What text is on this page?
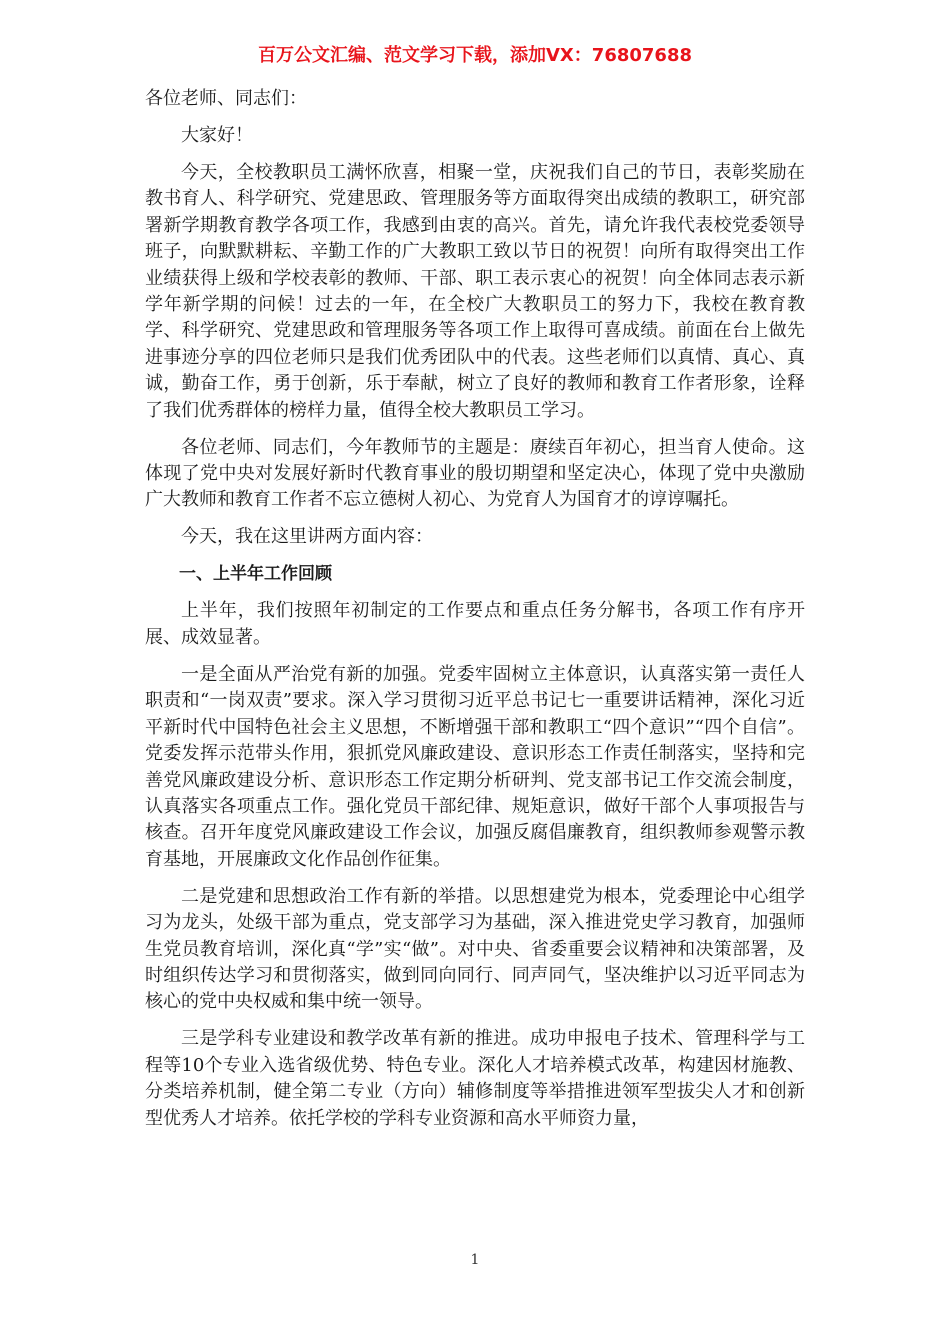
百万公文汇编、范文学习下载，添加VX：76807688

各位老师、同志们：

大家好！

今天，全校教职员工满怀欣喜，相聚一堂，庆祝我们自己的节日，表彰奖励在教书育人、科学研究、党建思政、管理服务等方面取得突出成绩的教职工，研究部署新学期教育教学各项工作，我感到由衷的高兴。首先，请允许我代表校党委领导班子，向默默耕耘、辛勤工作的广大教职工致以节日的祝贺！向所有取得突出工作业绩获得上级和学校表彰的教师、干部、职工表示衷心的祝贺！向全体同志表示新学年新学期的问候！过去的一年，在全校广大教职员工的努力下，我校在教育教学、科学研究、党建思政和管理服务等各项工作上取得可喜成绩。前面在台上做先进事迹分享的四位老师只是我们优秀团队中的代表。这些老师们以真情、真心、真诚，勤奋工作，勇于创新，乐于奉献，树立了良好的教师和教育工作者形象，诠释了我们优秀群体的榜样力量，值得全校大教职员工学习。

各位老师、同志们，今年教师节的主题是：赓续百年初心，担当育人使命。这体现了党中央对发展好新时代教育事业的殷切期望和坚定决心，体现了党中央激励广大教师和教育工作者不忘立德树人初心、为党育人为国育才的谆谆嘱托。

今天，我在这里讲两方面内容：

一、上半年工作回顾

上半年，我们按照年初制定的工作要点和重点任务分解书，各项工作有序开展、成效显著。

一是全面从严治党有新的加强。党委牢固树立主体意识，认真落实第一责任人职责和“一岗双责”要求。深入学习贯彻习近平总书记七一重要讲话精神，深化习近平新时代中国特色社会主义思想，不断增强干部和教职工“四个意识”“四个自信”。党委发挥示范带头作用，狠抓党风廉政建设、意识形态工作责任制落实，坚持和完善党风廉政建设分析、意识形态工作定期分析研判、党支部书记工作交流会制度，认真落实各项重点工作。强化党员干部纪律、规矩意识，做好干部个人事项报告与核查。召开年度党风廉政建设工作会议，加强反腐倡廉教育，组织教师参观警示教育基地，开展廉政文化作品创作征集。

二是党建和思想政治工作有新的举措。以思想建党为根本，党委理论中心组学习为龙头，处级干部为重点，党支部学习为基础，深入推进党史学习教育，加强师生党员教育培训，深化真“学”实“做”。对中央、省委重要会议精神和决策部署，及时组织传达学习和贯彻落实，做到同向同行、同声同气，坚决维护以习近平同志为核心的党中央权威和集中统一领导。

三是学科专业建设和教学改革有新的推进。成功申报电子技术、管理科学与工程等10个专业入选省级优势、特色专业。深化人才培养模式改革，构建因材施教、分类培养机制，健全第二专业（方向）辅修制度等举措推进领军型拔尖人才和创新型优秀人才培养。依托学校的学科专业资源和高水平师资力量，

1
